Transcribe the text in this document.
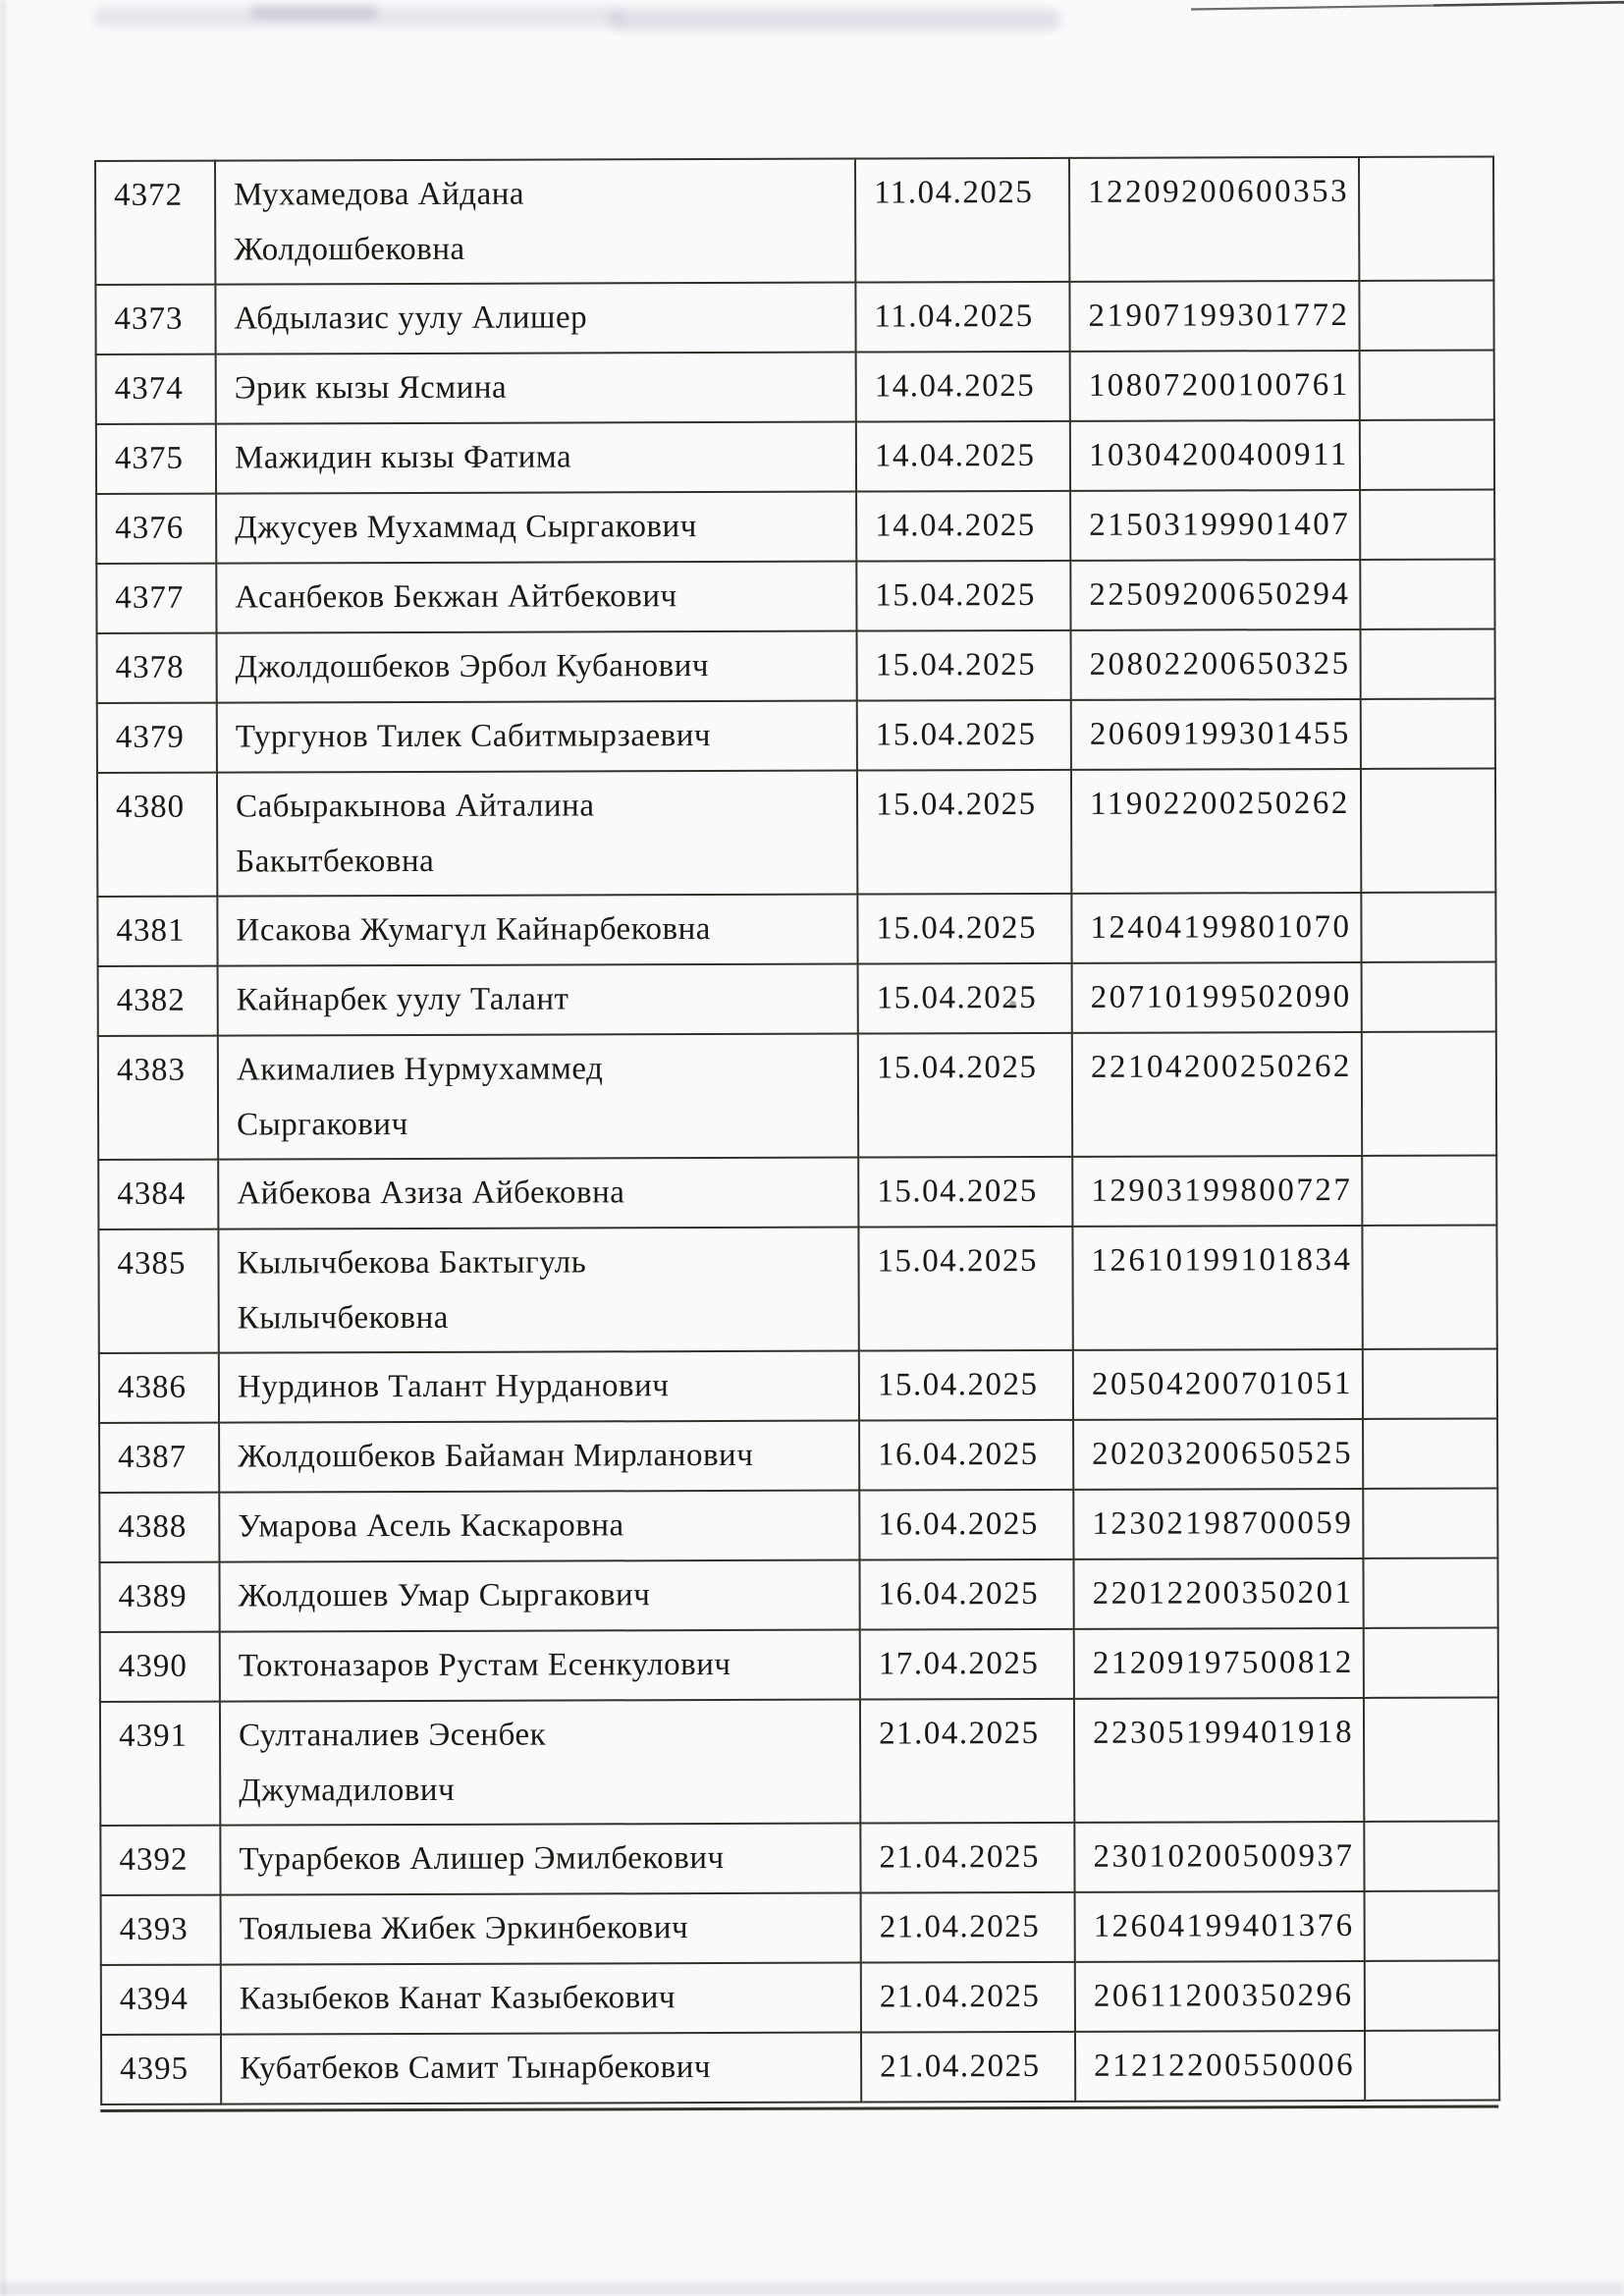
4372	Мухамедова Айдана
Жолдошбековна	11.04.2025	12209200600353	
4373	Абдылазис уулу Алишер	11.04.2025	21907199301772	
4374	Эрик кызы Ясмина	14.04.2025	10807200100761	
4375	Мажидин кызы Фатима	14.04.2025	10304200400911	
4376	Джусуев Мухаммад Сыргакович	14.04.2025	21503199901407	
4377	Асанбеков Бекжан Айтбекович	15.04.2025	22509200650294	
4378	Джолдошбеков Эрбол Кубанович	15.04.2025	20802200650325	
4379	Тургунов Тилек Сабитмырзаевич	15.04.2025	20609199301455	
4380	Сабыракынова Айталина
Бакытбековна	15.04.2025	11902200250262	
4381	Исакова Жумагүл Кайнарбековна	15.04.2025	12404199801070	
4382	Кайнарбек уулу Талант	15.04.2025	20710199502090	
4383	Акималиев Нурмухаммед
Сыргакович	15.04.2025	22104200250262	
4384	Айбекова Азиза Айбековна	15.04.2025	12903199800727	
4385	Кылычбекова Бактыгуль
Кылычбековна	15.04.2025	12610199101834	
4386	Нурдинов Талант Нурданович	15.04.2025	20504200701051	
4387	Жолдошбеков Байаман Мирланович	16.04.2025	20203200650525	
4388	Умарова Асель Каскаровна	16.04.2025	12302198700059	
4389	Жолдошев Умар Сыргакович	16.04.2025	22012200350201	
4390	Токтоназаров Рустам Есенкулович	17.04.2025	21209197500812	
4391	Султаналиев Эсенбек
Джумадилович	21.04.2025	22305199401918	
4392	Турарбеков Алишер Эмилбекович	21.04.2025	23010200500937	
4393	Тоялыева Жибек Эркинбекович	21.04.2025	12604199401376	
4394	Казыбеков Канат Казыбекович	21.04.2025	20611200350296	
4395	Кубатбеков Самит Тынарбекович	21.04.2025	21212200550006	
